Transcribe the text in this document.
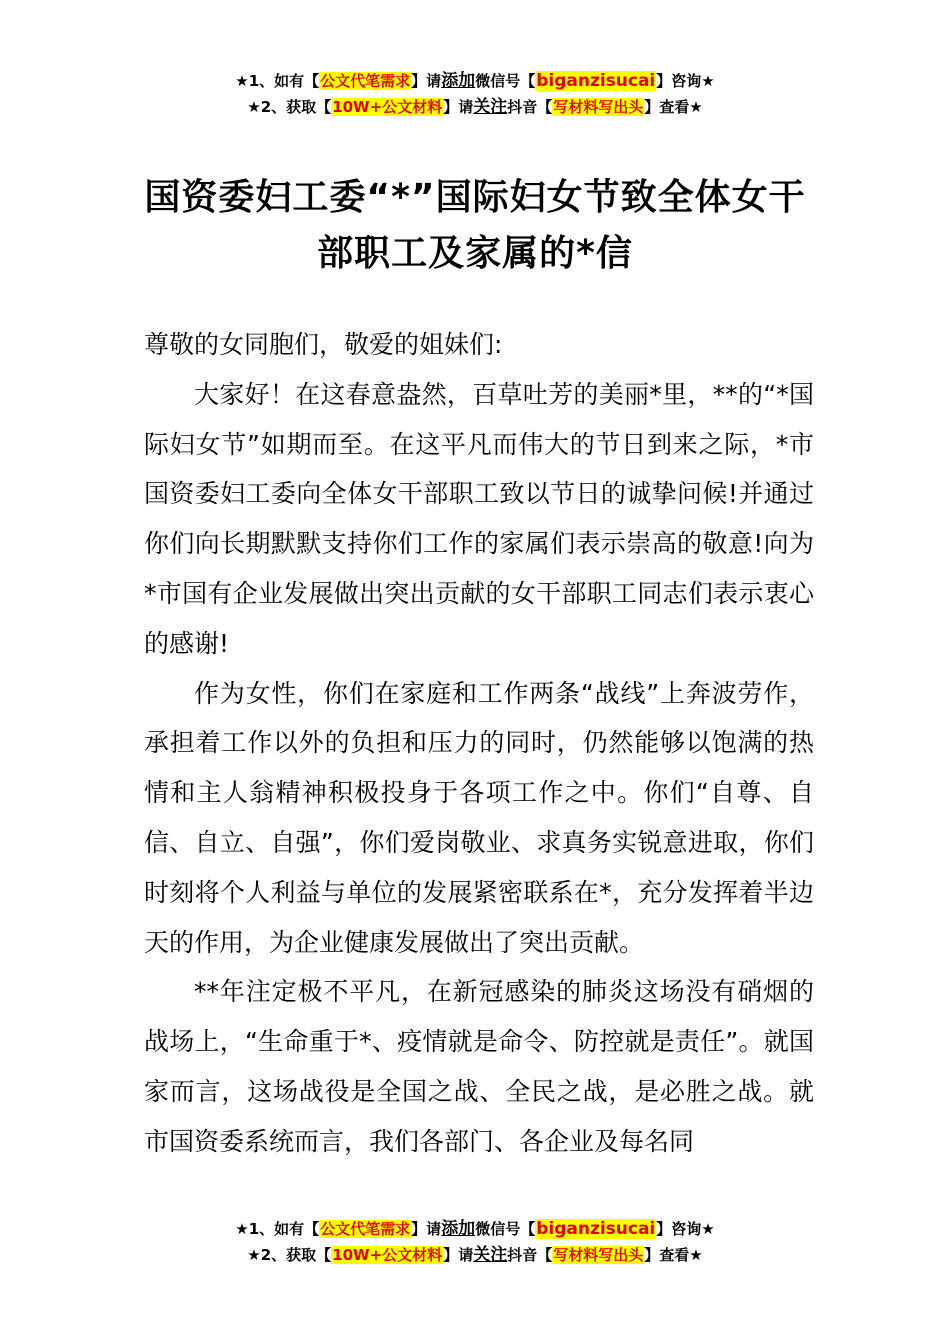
★1、如有【公文代笔需求】请添加微信号【biganzisucai】咨询★
★2、获取【10W+公文材料】请关注抖音【写材料写出头】查看★
国资委妇工委“*”国际妇女节致全体女干
部职工及家属的*信

尊敬的女同胞们，敬爱的姐妹们:

大家好！在这春意盎然，百草吐芳的美丽*里，**的“*国际妇女节”如期而至。在这平凡而伟大的节日到来之际，*市国资委妇工委向全体女干部职工致以节日的诚挚问候!并通过你们向长期默默支持你们工作的家属们表示崇高的敬意!向为*市国有企业发展做出突出贡献的女干部职工同志们表示衷心的感谢!

作为女性，你们在家庭和工作两条“战线”上奔波劳作，承担着工作以外的负担和压力的同时，仍然能够以饱满的热情和主人翁精神积极投身于各项工作之中。你们“自尊、自信、自立、自强”，你们爱岗敬业、求真务实锐意进取，你们时刻将个人利益与单位的发展紧密联系在*，充分发挥着半边天的作用，为企业健康发展做出了突出贡献。

**年注定极不平凡，在新冠感染的肺炎这场没有硝烟的战场上，“生命重于*、疫情就是命令、防控就是责任”。就国家而言，这场战役是全国之战、全民之战，是必胜之战。就市国资委系统而言，我们各部门、各企业及每名同

★1、如有【公文代笔需求】请添加微信号【biganzisucai】咨询★
★2、获取【10W+公文材料】请关注抖音【写材料写出头】查看★
